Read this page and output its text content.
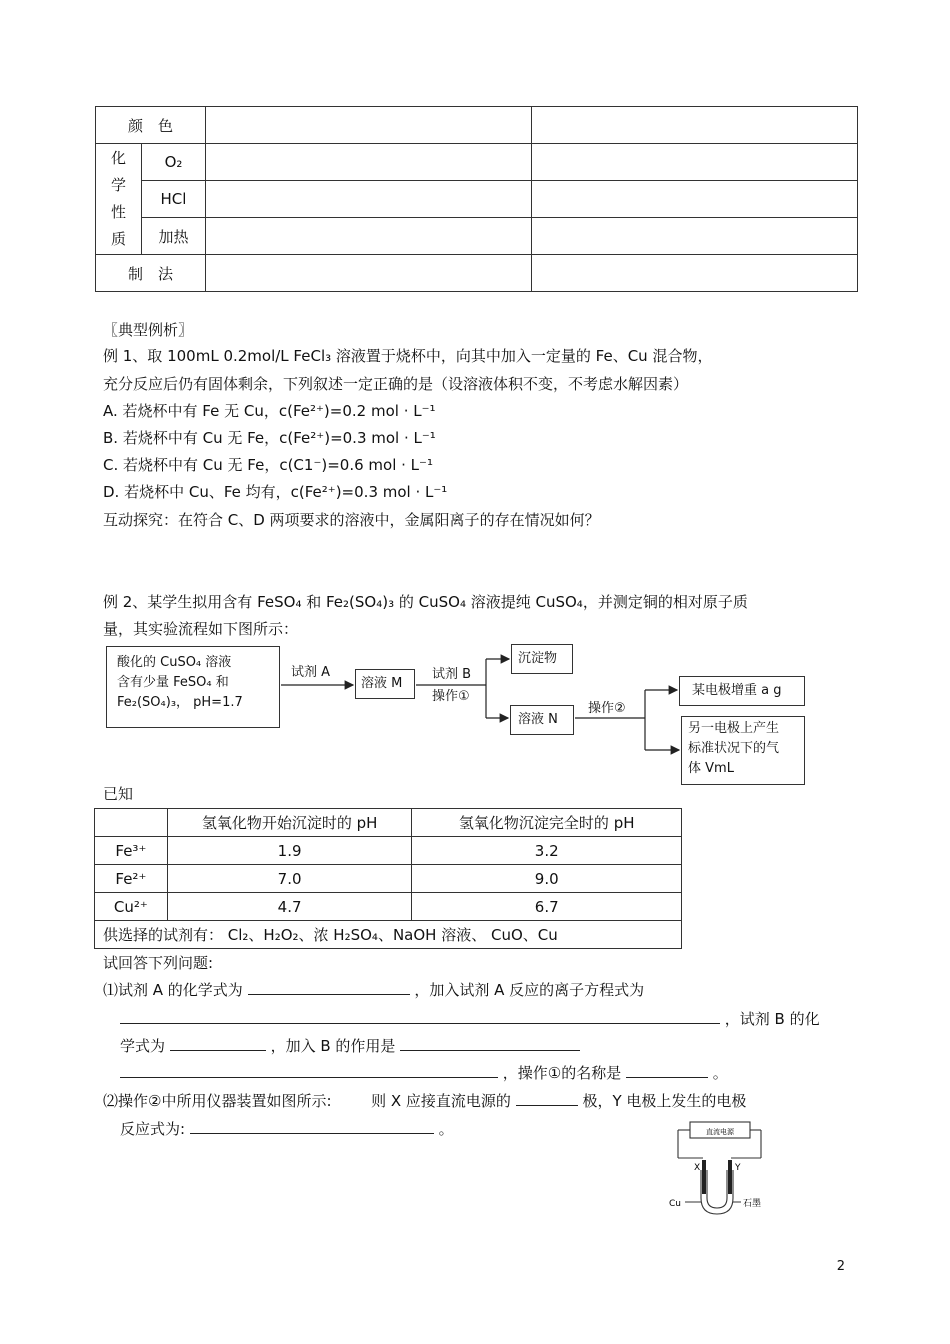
颜　色			

化学性质	O₂		
	HCl		
	加热		
制　法			
〖典型例析〗
例 1、取 100mL 0.2mol/L FeCl₃ 溶液置于烧杯中，向其中加入一定量的 Fe、Cu 混合物，
充分反应后仍有固体剩余，下列叙述一定正确的是（设溶液体积不变，不考虑水解因素）
A. 若烧杯中有 Fe 无 Cu，c(Fe²⁺)=0.2 mol · L⁻¹
B. 若烧杯中有 Cu 无 Fe，c(Fe²⁺)=0.3 mol · L⁻¹
C. 若烧杯中有 Cu 无 Fe，c(C1⁻)=0.6 mol · L⁻¹
D. 若烧杯中 Cu、Fe 均有，c(Fe²⁺)=0.3 mol · L⁻¹
互动探究：在符合 C、D 两项要求的溶液中，金属阳离子的存在情况如何？
例 2、某学生拟用含有 FeSO₄ 和 Fe₂(SO₄)₃ 的 CuSO₄ 溶液提纯 CuSO₄，并测定铜的相对原子质
量，其实验流程如下图所示：
酸化的 CuSO₄ 溶液
含有少量 FeSO₄ 和
Fe₂(SO₄)₃， pH=1.7
试剂 A
溶液 M
试剂 B
操作①
沉淀物
溶液 N
操作②
某电极增重 a g
另一电极上产生
标准状况下的气
体 VmL
已知
	氢氧化物开始沉淀时的 pH	氢氧化物沉淀完全时的 pH
Fe³⁺	1.9	3.2
Fe²⁺	7.0	9.0
Cu²⁺	4.7	6.7
供选择的试剂有： Cl₂、H₂O₂、浓 H₂SO₄、NaOH 溶液、 CuO、Cu		
试回答下列问题:
⑴试剂 A 的化学式为	，加入试剂 A 反应的离子方程式为
，试剂 B 的化
学式为	，加入 B 的作用是
，操作①的名称是	。
⑵操作②中所用仪器装置如图所示:	则 X 应接直流电源的	极，Y 电极上发生的电极
反应式为:	。	直流电源
X	Y
Cu	石墨
2
